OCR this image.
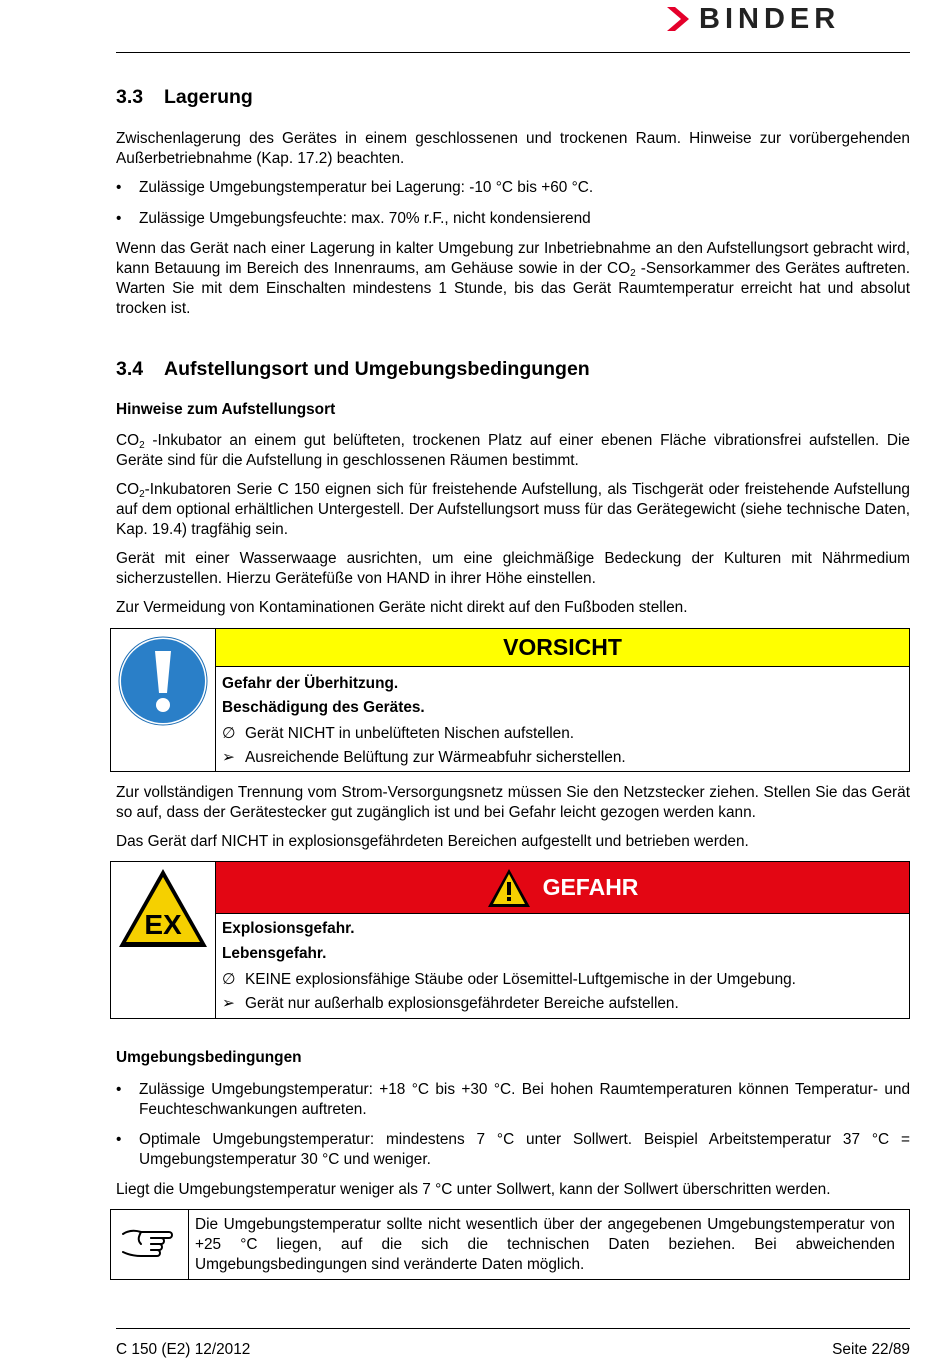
BINDER
3.3 Lagerung

Zwischenlagerung des Gerätes in einem geschlossenen und trockenen Raum. Hinweise zur vorübergehenden Außerbetriebnahme (Kap. 17.2) beachten.

•	Zulässige Umgebungstemperatur bei Lagerung: -10 °C bis +60 °C.
•	Zulässige Umgebungsfeuchte: max. 70% r.F., nicht kondensierend

Wenn das Gerät nach einer Lagerung in kalter Umgebung zur Inbetriebnahme an den Aufstellungsort gebracht wird, kann Betauung im Bereich des Innenraums, am Gehäuse sowie in der $CO_2$ -Sensorkammer des Gerätes auftreten. Warten Sie mit dem Einschalten mindestens 1 Stunde, bis das Gerät Raumtemperatur erreicht hat und absolut trocken ist.

3.4 Aufstellungsort und Umgebungsbedingungen
Hinweise zum Aufstellungsort

$CO_2$ -Inkubator an einem gut belüfteten, trockenen Platz auf einer ebenen Fläche vibrationsfrei aufstellen. Die Geräte sind für die Aufstellung in geschlossenen Räumen bestimmt.

$CO_2$-Inkubatoren Serie C 150 eignen sich für freistehende Aufstellung, als Tischgerät oder freistehende Aufstellung auf dem optional erhältlichen Untergestell. Der Aufstellungsort muss für das Gerätegewicht (siehe technische Daten, Kap. 19.4) tragfähig sein.

Gerät mit einer Wasserwaage ausrichten, um eine gleichmäßige Bedeckung der Kulturen mit Nährmedium sicherzustellen. Hierzu Gerätefüße von HAND in ihrer Höhe einstellen.

Zur Vermeidung von Kontaminationen Geräte nicht direkt auf den Fußboden stellen.

VORSICHT
Gefahr der Überhitzung.
Beschädigung des Gerätes.
∅ Gerät NICHT in unbelüfteten Nischen aufstellen.
➢ Ausreichende Belüftung zur Wärmeabfuhr sicherstellen.

Zur vollständigen Trennung vom Strom-Versorgungsnetz müssen Sie den Netzstecker ziehen. Stellen Sie das Gerät so auf, dass der Gerätestecker gut zugänglich ist und bei Gefahr leicht gezogen werden kann.

Das Gerät darf NICHT in explosionsgefährdeten Bereichen aufgestellt und betrieben werden.

EX
GEFAHR
Explosionsgefahr.
Lebensgefahr.
∅ KEINE explosionsfähige Stäube oder Lösemittel-Luftgemische in der Umgebung.
➢ Gerät nur außerhalb explosionsgefährdeter Bereiche aufstellen.
Umgebungsbedingungen
•	Zulässige Umgebungstemperatur: +18 °C bis +30 °C. Bei hohen Raumtemperaturen können Temperatur- und Feuchteschwankungen auftreten.
•	Optimale Umgebungstemperatur: mindestens 7 °C unter Sollwert. Beispiel Arbeitstemperatur 37 °C = Umgebungstemperatur 30 °C und weniger.

Liegt die Umgebungstemperatur weniger als 7 °C unter Sollwert, kann der Sollwert überschritten werden.

Die Umgebungstemperatur sollte nicht wesentlich über der angegebenen Umgebungstemperatur von +25 °C liegen, auf die sich die technischen Daten beziehen. Bei abweichenden Umgebungsbedingungen sind veränderte Daten möglich.
C 150 (E2) 12/2012	Seite 22/89
